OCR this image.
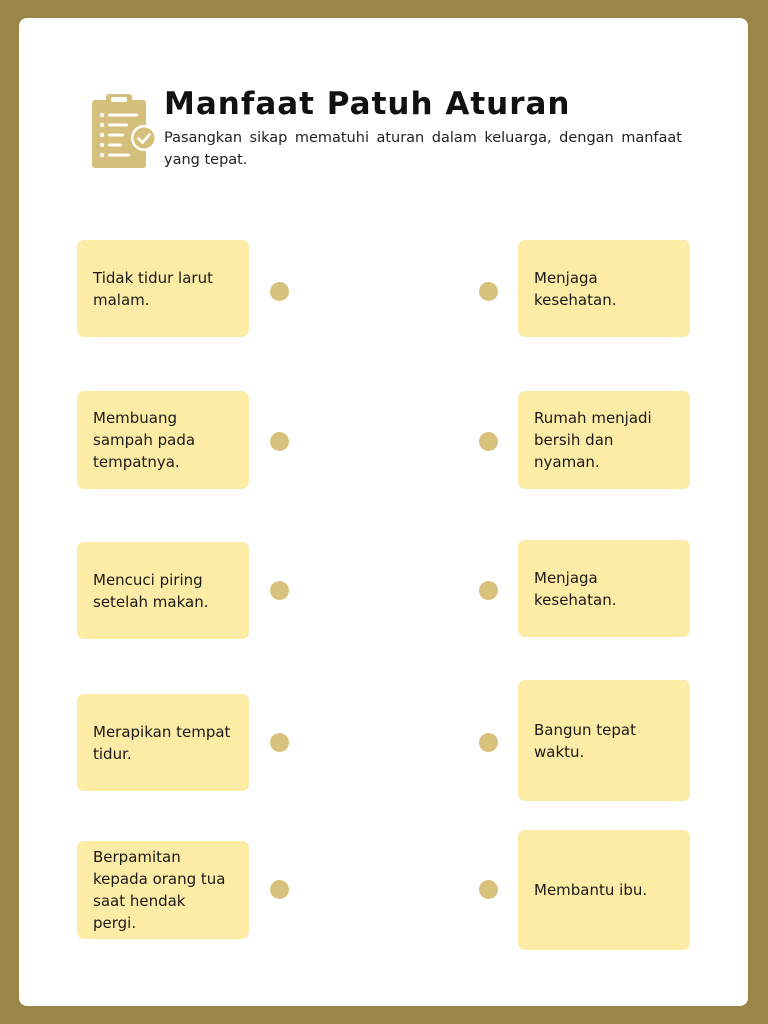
Manfaat Patuh Aturan

Pasangkan sikap mematuhi aturan dalam keluarga, dengan manfaat yang tepat.

Tidak tidur larut malam.
Membuang sampah pada tempatnya.
Mencuci piring setelah makan.
Merapikan tempat tidur.
Berpamitan kepada orang tua saat hendak pergi.
Menjaga kesehatan.
Rumah menjadi bersih dan nyaman.
Menjaga kesehatan.
Bangun tepat waktu.
Membantu ibu.
